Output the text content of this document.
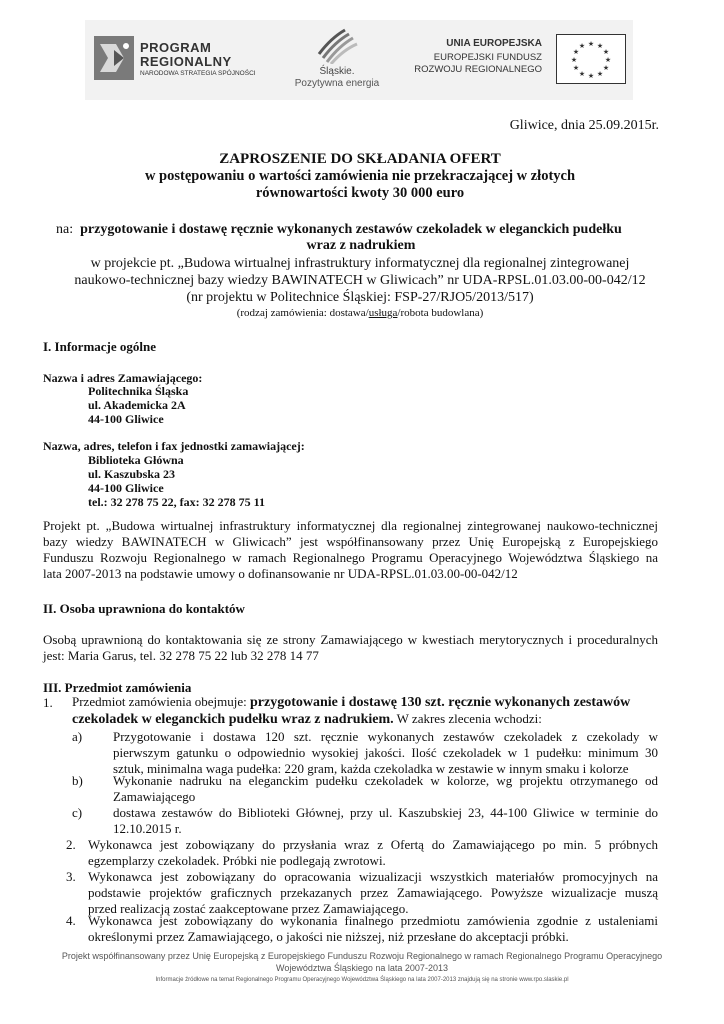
PROGRAM
REGIONALNY
NARODOWA STRATEGIA SPÓJNOŚCI	Śląskie.
Pozytywna energia
UNIA EUROPEJSKA
EUROPEJSKI FUNDUSZ
ROZWOJU REGIONALNEGO
★ ★
★
★
★
★
★
★
★
★
★
★
Gliwice, dnia 25.09.2015r.
ZAPROSZENIE DO SKŁADANIA OFERT
w postępowaniu o wartości zamówienia nie przekraczającej w złotych
równowartości kwoty 30 000 euro
na: przygotowanie i dostawę ręcznie wykonanych zestawów czekoladek w eleganckich pudełku
wraz z nadrukiem
w projekcie pt. „Budowa wirtualnej infrastruktury informatycznej dla regionalnej zintegrowanej
naukowo-technicznej bazy wiedzy BAWINATECH w Gliwicach” nr UDA-RPSL.01.03.00-00-042/12
(nr projektu w Politechnice Śląskiej: FSP-27/RJO5/2013/517)
(rodzaj zamówienia: dostawa/usługa/robota budowlana)
I. Informacje ogólne
Nazwa i adres Zamawiającego:
Politechnika Śląska
ul. Akademicka 2A
44-100 Gliwice
Nazwa, adres, telefon i fax jednostki zamawiającej:
Biblioteka Główna
ul. Kaszubska 23
44-100 Gliwice
tel.: 32 278 75 22, fax: 32 278 75 11
Projekt pt. „Budowa wirtualnej infrastruktury informatycznej dla regionalnej zintegrowanej naukowo-technicznej
bazy wiedzy BAWINATECH w Gliwicach” jest współfinansowany przez Unię Europejską z Europejskiego
Funduszu Rozwoju Regionalnego w ramach Regionalnego Programu Operacyjnego Województwa Śląskiego na
lata 2007-2013 na podstawie umowy o dofinansowanie nr UDA-RPSL.01.03.00-00-042/12
II. Osoba uprawniona do kontaktów
Osobą uprawnioną do kontaktowania się ze strony Zamawiającego w kwestiach merytorycznych i proceduralnych
jest: Maria Garus, tel. 32 278 75 22 lub 32 278 14 77
III. Przedmiot zamówienia
1. Przedmiot zamówienia obejmuje: przygotowanie i dostawę 130 szt. ręcznie wykonanych zestawów
czekoladek w eleganckich pudełku wraz z nadrukiem. W zakres zlecenia wchodzi:
a) Przygotowanie i dostawa 120 szt. ręcznie wykonanych zestawów czekoladek z czekolady w
pierwszym gatunku o odpowiednio wysokiej jakości. Ilość czekoladek w 1 pudełku: minimum 30
sztuk, minimalna waga pudełka: 220 gram, każda czekoladka w zestawie w innym smaku i kolorze
b) Wykonanie nadruku na eleganckim pudełku czekoladek w kolorze, wg projektu otrzymanego od
Zamawiającego
c) dostawa zestawów do Biblioteki Głównej, przy ul. Kaszubskiej 23, 44-100 Gliwice w terminie do
12.10.2015 r.
2. Wykonawca jest zobowiązany do przysłania wraz z Ofertą do Zamawiającego po min. 5 próbnych
egzemplarzy czekoladek. Próbki nie podlegają zwrotowi.
3. Wykonawca jest zobowiązany do opracowania wizualizacji wszystkich materiałów promocyjnych na
podstawie projektów graficznych przekazanych przez Zamawiającego. Powyższe wizualizacje muszą
przed realizacją zostać zaakceptowane przez Zamawiającego.
4. Wykonawca jest zobowiązany do wykonania finalnego przedmiotu zamówienia zgodnie z ustaleniami
określonymi przez Zamawiającego, o jakości nie niższej, niż przesłane do akceptacji próbki.
Projekt współfinansowany przez Unię Europejską z Europejskiego Funduszu Rozwoju Regionalnego w ramach Regionalnego Programu Operacyjnego
Województwa Śląskiego na lata 2007-2013
Informacje źródłowe na temat Regionalnego Programu Operacyjnego Województwa Śląskiego na lata 2007-2013 znajdują się na stronie www.rpo.slaskie.pl
